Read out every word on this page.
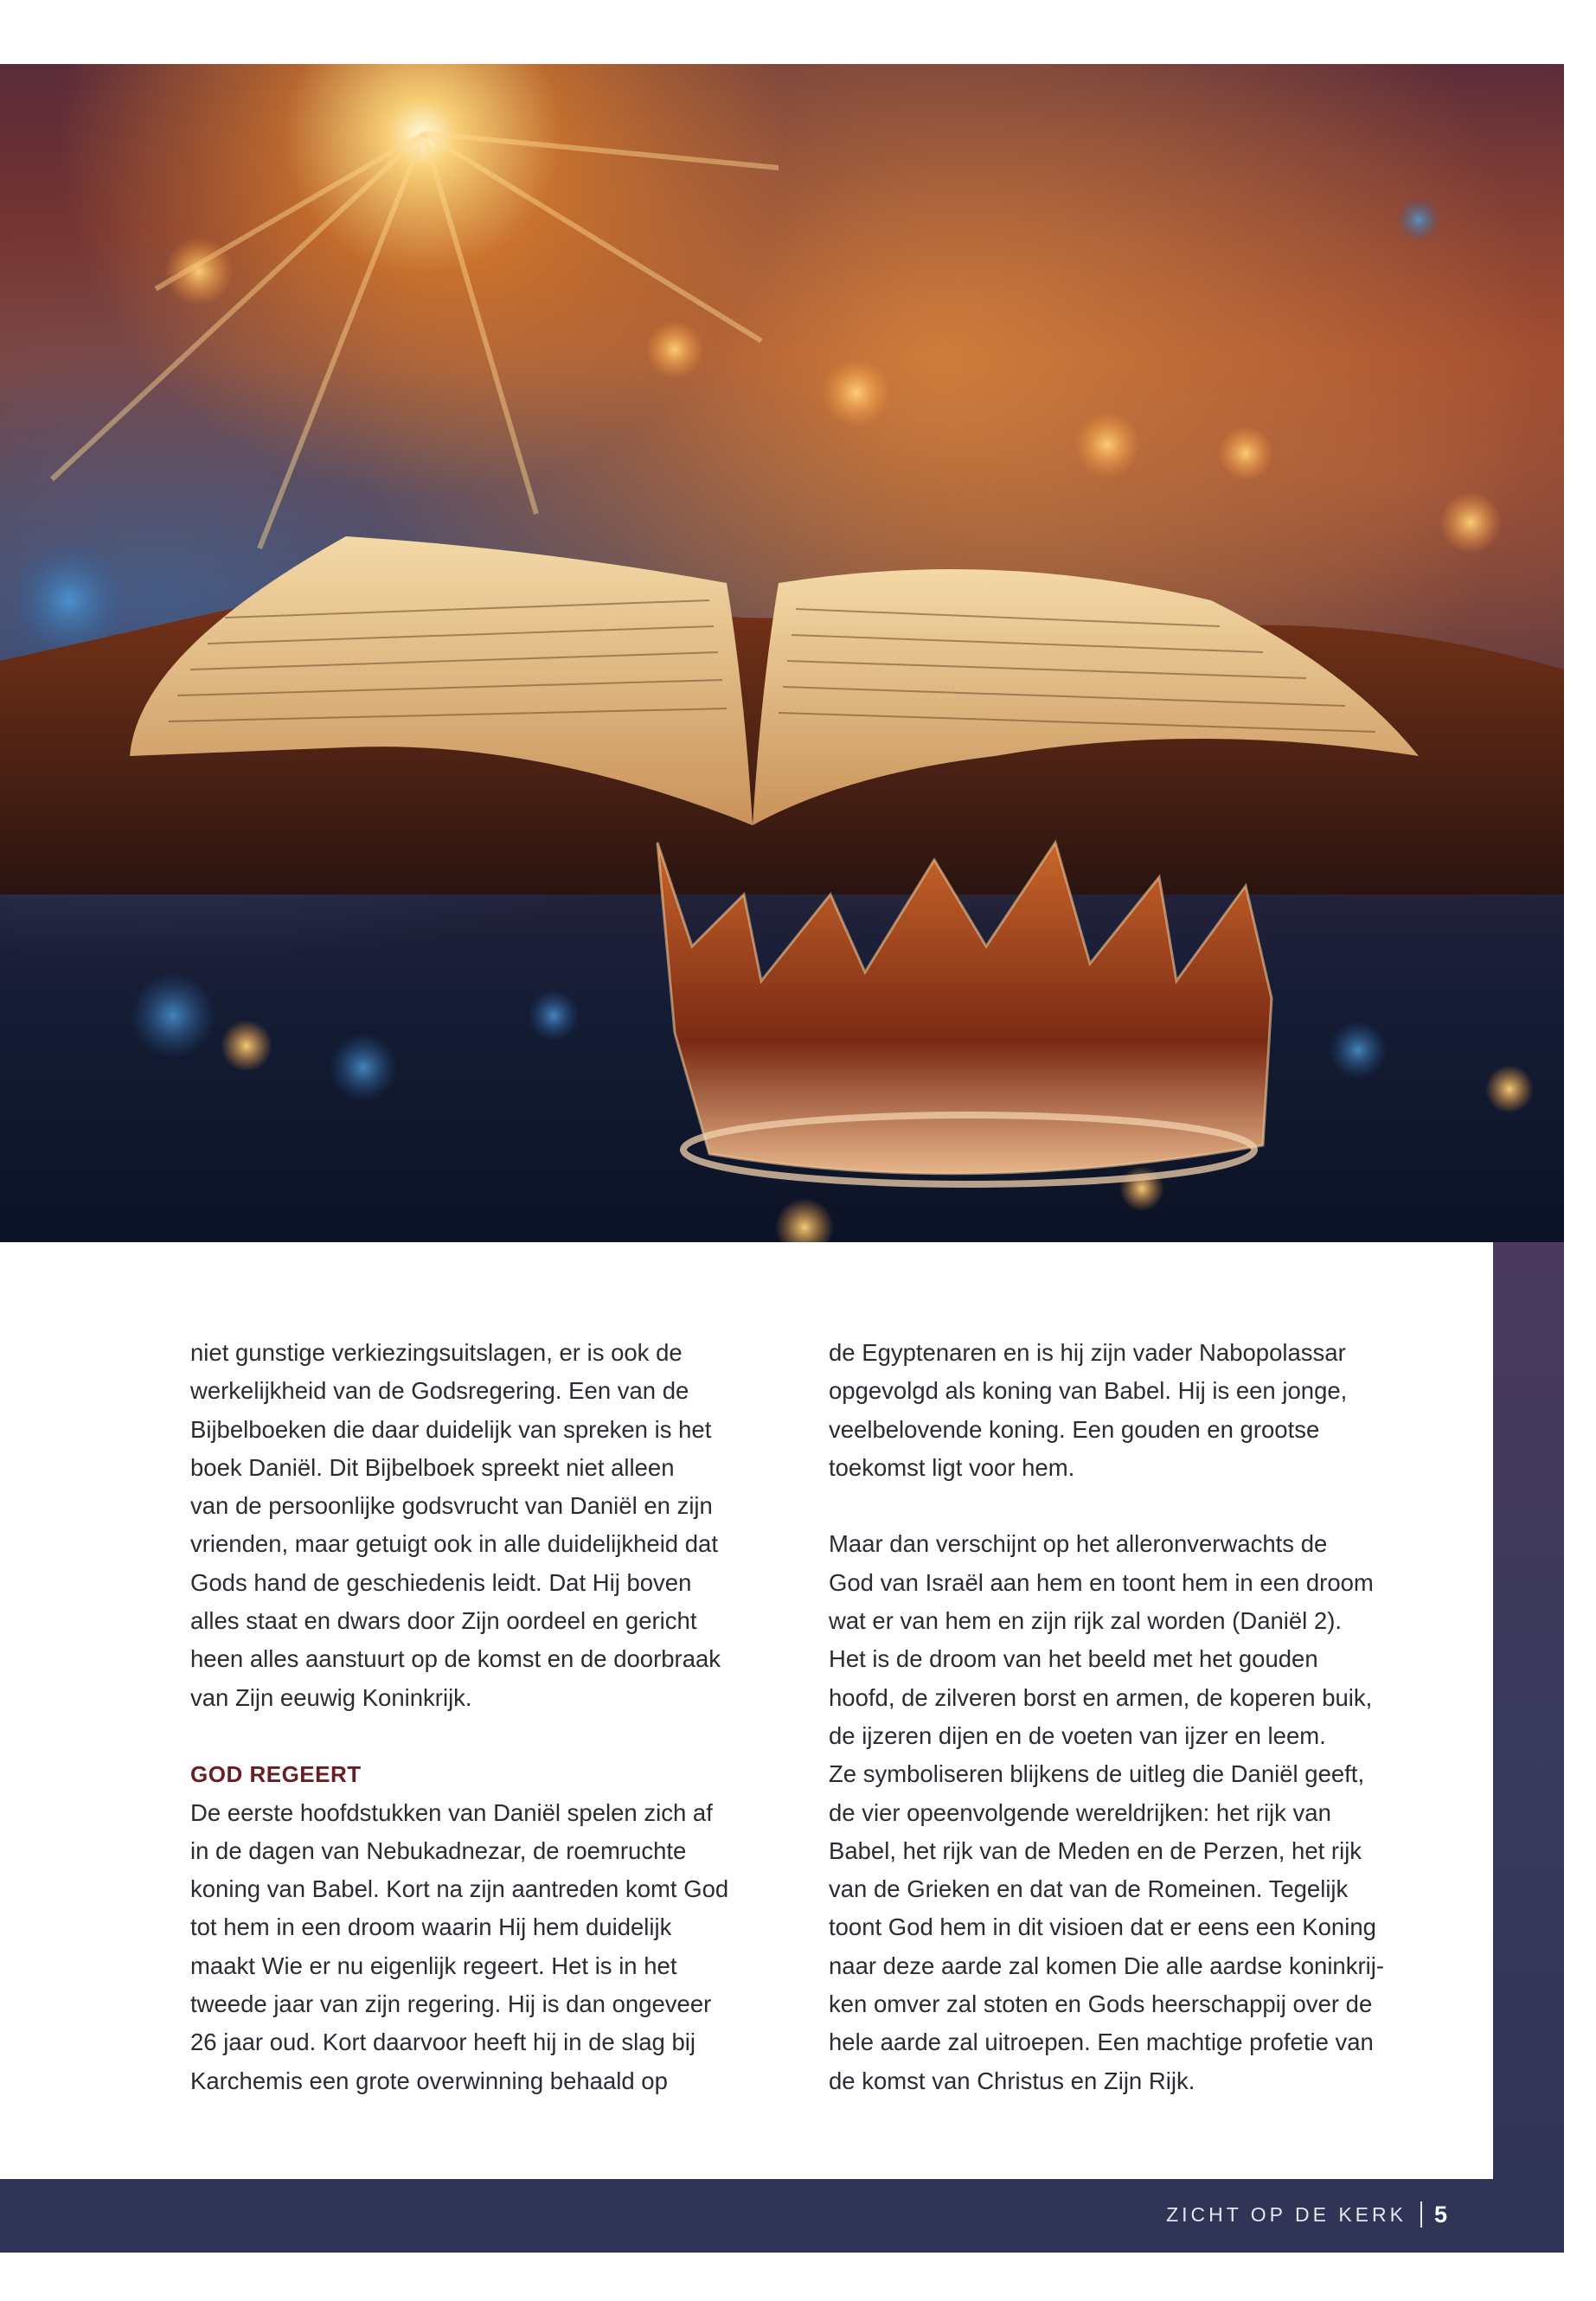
niet gunstige verkiezingsuitslagen, er is ook de
werkelijkheid van de Godsregering. Een van de
Bijbelboeken die daar duidelijk van spreken is het
boek Daniël. Dit Bijbelboek spreekt niet alleen
van de persoonlijke godsvrucht van Daniël en zijn
vrienden, maar getuigt ook in alle duidelijkheid dat
Gods hand de geschiedenis leidt. Dat Hij boven
alles staat en dwars door Zijn oordeel en gericht
heen alles aanstuurt op de komst en de doorbraak
van Zijn eeuwig Koninkrijk.

GOD REGEERT

De eerste hoofdstukken van Daniël spelen zich af
in de dagen van Nebukadnezar, de roemruchte
koning van Babel. Kort na zijn aantreden komt God
tot hem in een droom waarin Hij hem duidelijk
maakt Wie er nu eigenlijk regeert. Het is in het
tweede jaar van zijn regering. Hij is dan ongeveer
26 jaar oud. Kort daarvoor heeft hij in de slag bij
Karchemis een grote overwinning behaald op

de Egyptenaren en is hij zijn vader Nabopolassar
opgevolgd als koning van Babel. Hij is een jonge,
veelbelovende koning. Een gouden en grootse
toekomst ligt voor hem.

Maar dan verschijnt op het alleronverwachts de
God van Israël aan hem en toont hem in een droom
wat er van hem en zijn rijk zal worden (Daniël 2).
Het is de droom van het beeld met het gouden
hoofd, de zilveren borst en armen, de koperen buik,
de ijzeren dijen en de voeten van ijzer en leem.
Ze symboliseren blijkens de uitleg die Daniël geeft,
de vier opeenvolgende wereldrijken: het rijk van
Babel, het rijk van de Meden en de Perzen, het rijk
van de Grieken en dat van de Romeinen. Tegelijk
toont God hem in dit visioen dat er eens een Koning
naar deze aarde zal komen Die alle aardse koninkrij-
ken omver zal stoten en Gods heerschappij over de
hele aarde zal uitroepen. Een machtige profetie van
de komst van Christus en Zijn Rijk.

ZICHT OP DE KERK 5
